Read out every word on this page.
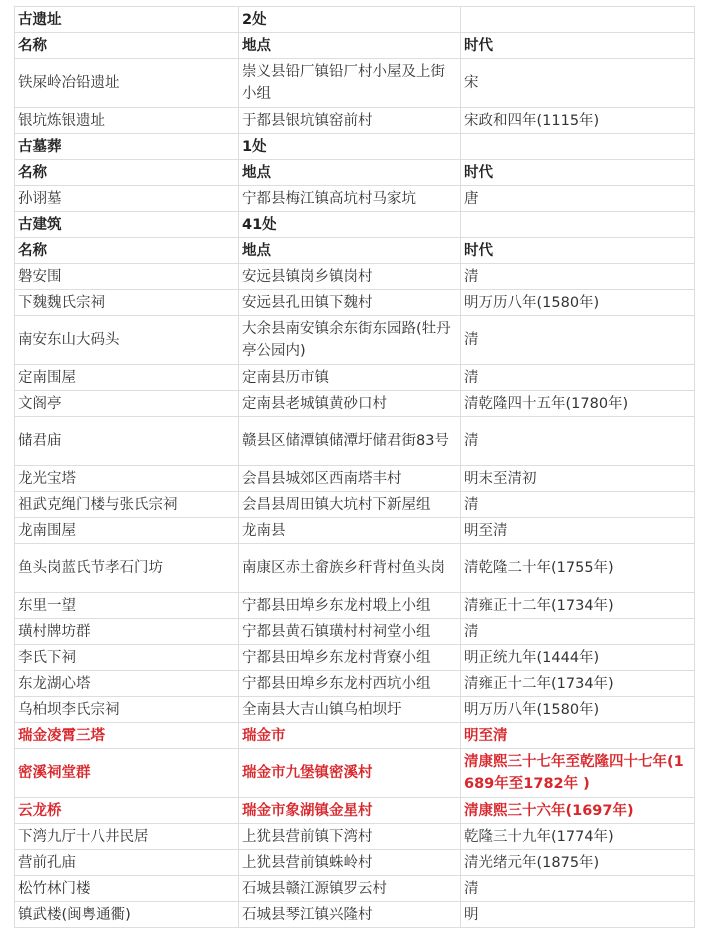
古遗址	2处	
名称	地点	时代
铁屎岭冶铅遗址	崇义县铅厂镇铅厂村小屋及上街小组	宋
银坑炼银遗址	于都县银坑镇窑前村	宋政和四年(1115年)
古墓葬	1处	
名称	地点	时代
孙诩墓	宁都县梅江镇高坑村马家坑	唐
古建筑	41处	
名称	地点	时代
磐安围	安远县镇岗乡镇岗村	清
下魏魏氏宗祠	安远县孔田镇下魏村	明万历八年(1580年)
南安东山大码头	大余县南安镇余东街东园路(牡丹亭公园内)	清
定南围屋	定南县历市镇	清
文阁亭	定南县老城镇黄砂口村	清乾隆四十五年(1780年)
储君庙	赣县区储潭镇储潭圩储君街83号	清
龙光宝塔	会昌县城郊区西南塔丰村	明末至清初
祖武克绳门楼与张氏宗祠	会昌县周田镇大坑村下新屋组	清
龙南围屋	龙南县	明至清
鱼头岗蓝氏节孝石门坊	南康区赤土畲族乡秆背村鱼头岗	清乾隆二十年(1755年)
东里一望	宁都县田埠乡东龙村塅上小组	清雍正十二年(1734年)
璜村牌坊群	宁都县黄石镇璜村村祠堂小组	清
李氏下祠	宁都县田埠乡东龙村背寮小组	明正统九年(1444年)
东龙湖心塔	宁都县田埠乡东龙村西坑小组	清雍正十二年(1734年)
乌柏坝李氏宗祠	全南县大吉山镇乌柏坝圩	明万历八年(1580年)
瑞金凌霄三塔	瑞金市	明至清
密溪祠堂群	瑞金市九堡镇密溪村	清康熙三十七年至乾隆四十七年(1689年至1782年 )
云龙桥	瑞金市象湖镇金星村	清康熙三十六年(1697年)
下湾九厅十八井民居	上犹县营前镇下湾村	乾隆三十九年(1774年)
营前孔庙	上犹县营前镇蛛岭村	清光绪元年(1875年)
松竹林门楼	石城县赣江源镇罗云村	清
镇武楼(闽粤通衢)	石城县琴江镇兴隆村	明
